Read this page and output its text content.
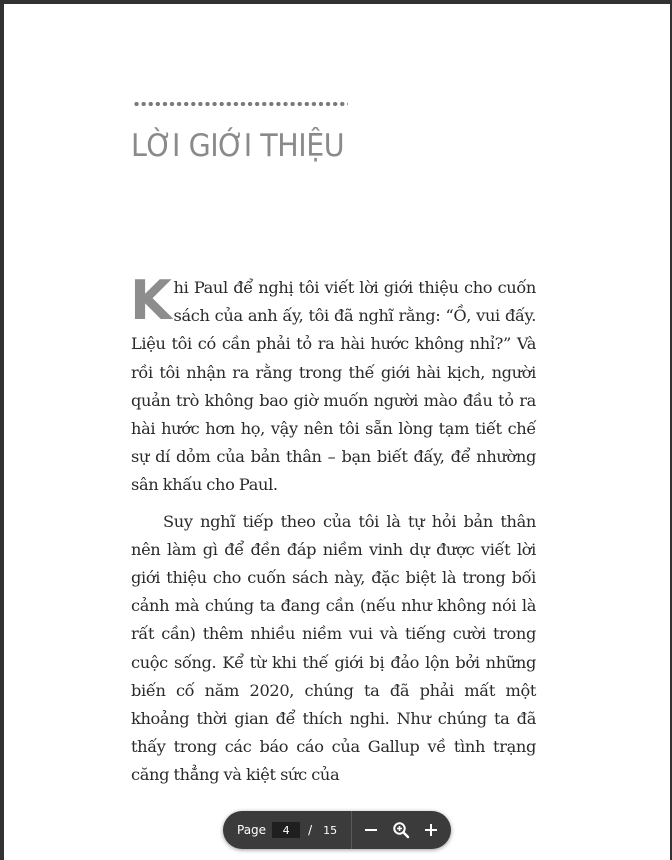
LỜI GIỚI THIỆU

Khi Paul để nghị tôi viết lời giới thiệu cho cuốn sách của anh ấy, tôi đã nghĩ rằng: “Ồ, vui đấy. Liệu tôi có cần phải tỏ ra hài hước không nhỉ?” Và rồi tôi nhận ra rằng trong thế giới hài kịch, người quản trò không bao giờ muốn người mào đầu tỏ ra hài hước hơn họ, vậy nên tôi sẵn lòng tạm tiết chế sự dí dỏm của bản thân – bạn biết đấy, để nhường sân khấu cho Paul.

Suy nghĩ tiếp theo của tôi là tự hỏi bản thân nên làm gì để đền đáp niềm vinh dự được viết lời giới thiệu cho cuốn sách này, đặc biệt là trong bối cảnh mà chúng ta đang cần (nếu như không nói là rất cần) thêm nhiều niềm vui và tiếng cười trong cuộc sống. Kể từ khi thế giới bị đảo lộn bởi những biến cố năm 2020, chúng ta đã phải mất một khoảng thời gian để thích nghi. Như chúng ta đã thấy trong các báo cáo của Gallup về tình trạng căng thẳng và kiệt sức của

Page
4	/ 15
